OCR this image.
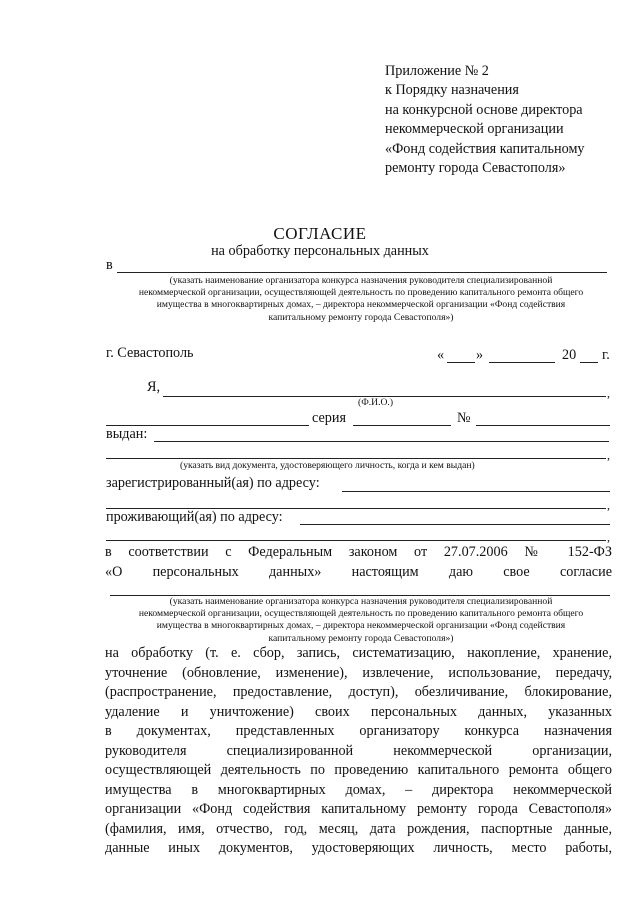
Приложение № 2
к Порядку назначения
на конкурсной основе директора
некоммерческой организации
«Фонд содействия капитальному
ремонту города Севастополя»
СОГЛАСИЕ
на обработку персональных данных
в
(указать наименование организатора конкурса назначения руководителя специализированной
некоммерческой организации, осуществляющей деятельность по проведению капитального ремонта общего
имущества в многоквартирных домах, – директора некоммерческой организации «Фонд содействия
капитальному ремонту города Севастополя»)
г. Севастополь	« »	20 г.
Я,	,
(Ф.И.О.)
серия	№
выдан:
,
(указать вид документа, удостоверяющего личность, когда и кем выдан)
зарегистрированный(ая) по адресу:
,
проживающий(ая) по адресу:
,
в соответствии с Федеральным законом от 27.07.2006 № 152-ФЗ
«О персональных данных» настоящим даю свое согласие
(указать наименование организатора конкурса назначения руководителя специализированной
некоммерческой организации, осуществляющей деятельность по проведению капитального ремонта общего
имущества в многоквартирных домах, – директора некоммерческой организации «Фонд содействия
капитальному ремонту города Севастополя»)
на обработку (т. е. сбор, запись, систематизацию, накопление, хранение,
уточнение (обновление, изменение), извлечение, использование, передачу,
(распространение, предоставление, доступ), обезличивание, блокирование,
удаление и уничтожение) своих персональных данных, указанных
в документах, представленных организатору конкурса назначения
руководителя специализированной некоммерческой организации,
осуществляющей деятельность по проведению капитального ремонта общего
имущества в многоквартирных домах, – директора некоммерческой
организации «Фонд содействия капитальному ремонту города Севастополя»
(фамилия, имя, отчество, год, месяц, дата рождения, паспортные данные,
данные иных документов, удостоверяющих личность, место работы,
